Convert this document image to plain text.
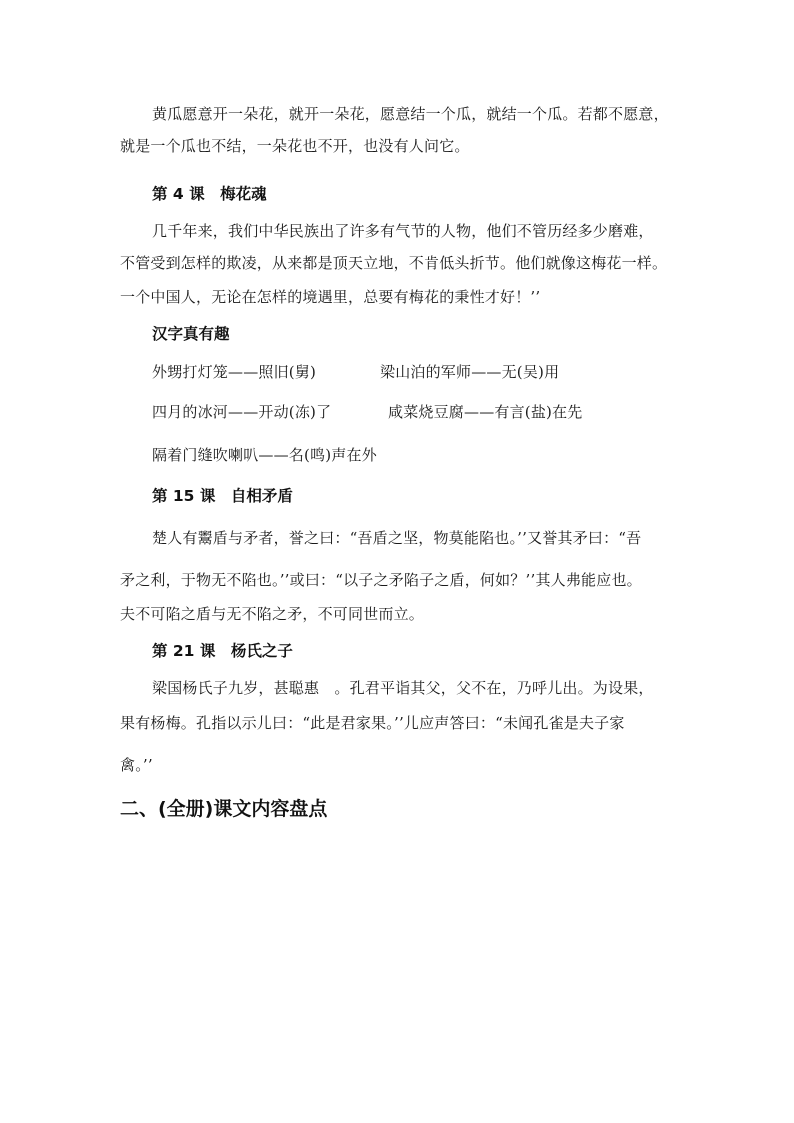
黄瓜愿意开一朵花，就开一朵花，愿意结一个瓜，就结一个瓜。若都不愿意，
就是一个瓜也不结，一朵花也不开，也没有人问它。
第 4 课　梅花魂
几千年来，我们中华民族出了许多有气节的人物，他们不管历经多少磨难，
不管受到怎样的欺凌，从来都是顶天立地，不肯低头折节。他们就像这梅花一样。
一个中国人，无论在怎样的境遇里，总要有梅花的秉性才好！’’
汉字真有趣
外甥打灯笼——照旧(舅)	梁山泊的军师——无(吴)用
四月的冰河——开动(冻)了	咸菜烧豆腐——有言(盐)在先
隔着门缝吹喇叭——名(鸣)声在外
第 15 课　自相矛盾
楚人有鬻盾与矛者，誉之曰：“吾盾之坚，物莫能陷也。’’又誉其矛曰：“吾
矛之利，于物无不陷也。’’或曰：“以子之矛陷子之盾，何如？’’其人弗能应也。
夫不可陷之盾与无不陷之矛，不可同世而立。
第 21 课　杨氏之子
梁国杨氏子九岁，甚聪惠　。孔君平诣其父，父不在，乃呼儿出。为设果，
果有杨梅。孔指以示儿曰：“此是君家果。’’儿应声答曰：“未闻孔雀是夫子家
禽。’’
二、(全册)课文内容盘点
